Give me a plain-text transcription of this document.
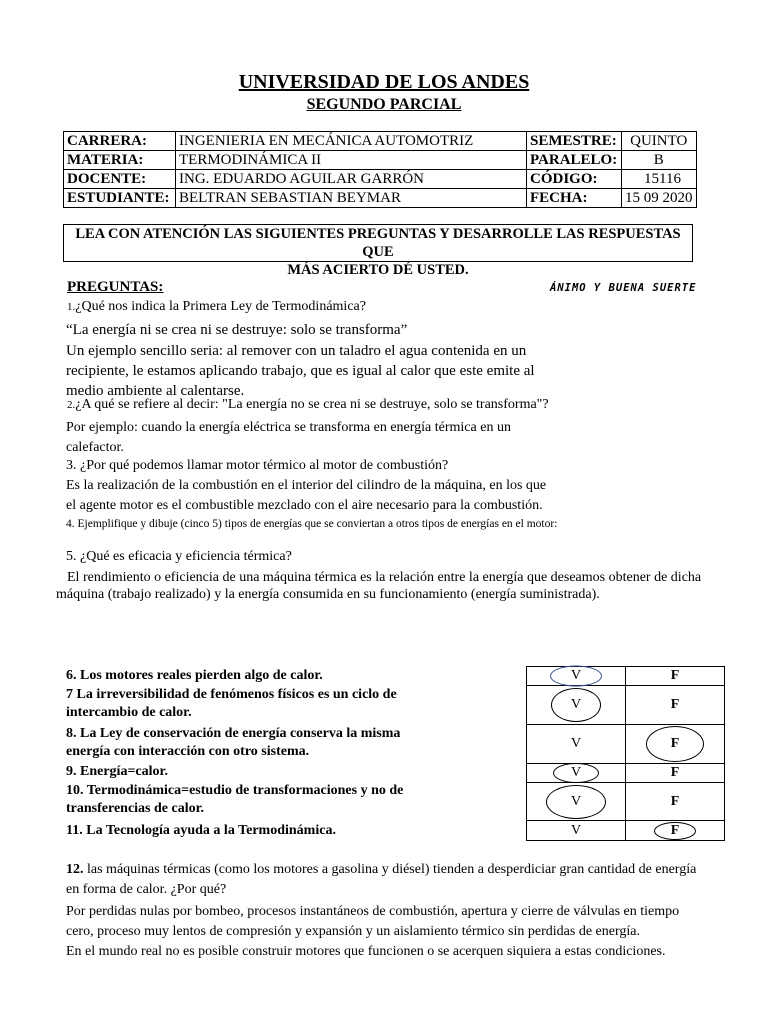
UNIVERSIDAD DE LOS ANDES
SEGUNDO PARCIAL
CARRERA:	INGENIERIA EN MECÁNICA AUTOMOTRIZ	SEMESTRE:	QUINTO
MATERIA:	TERMODINÁMICA II	PARALELO:	B
DOCENTE:	ING. EDUARDO AGUILAR GARRÓN	CÓDIGO:	15116
ESTUDIANTE:	BELTRAN SEBASTIAN BEYMAR	FECHA:	15 09 2020
LEA CON ATENCIÓN LAS SIGUIENTES PREGUNTAS Y DESARROLLE LAS RESPUESTAS QUE
MÁS ACIERTO DÉ USTED.
PREGUNTAS:	ÁNIMO Y BUENA SUERTE
1.¿Qué nos indica la Primera Ley de Termodinámica?
“La energía ni se crea ni se destruye: solo se transforma”
Un ejemplo sencillo seria: al remover con un taladro el agua contenida en un
recipiente, le estamos aplicando trabajo, que es igual al calor que este emite al
medio ambiente al calentarse.
2.¿A qué se refiere al decir: "La energía no se crea ni se destruye, solo se transforma"?
Por ejemplo: cuando la energía eléctrica se transforma en energía térmica en un
calefactor.
3. ¿Por qué podemos llamar motor térmico al motor de combustión?
Es la realización de la combustión en el interior del cilindro de la máquina, en los que
el agente motor es el combustible mezclado con el aire necesario para la combustión.
4. Ejemplifique y dibuje (cinco 5) tipos de energías que se conviertan a otros tipos de energías en el motor:
5. ¿Qué es eficacia y eficiencia térmica?
El rendimiento o eficiencia de una máquina térmica es la relación entre la energía que deseamos obtener de dicha
máquina (trabajo realizado) y la energía consumida en su funcionamiento (energía suministrada).
6. Los motores reales pierden algo de calor.
7 La irreversibilidad de fenómenos físicos es un ciclo de
intercambio de calor.
8. La Ley de conservación de energía conserva la misma
energía con interacción con otro sistema.
9. Energía=calor.
10. Termodinámica=estudio de transformaciones y no de
transferencias de calor.
11. La Tecnología ayuda a la Termodinámica.
V	F
V	F
V	F

V	F
V	F
V	F
12. las máquinas térmicas (como los motores a gasolina y diésel) tienden a desperdiciar gran cantidad de energía
en forma de calor. ¿Por qué?
Por perdidas nulas por bombeo, procesos instantáneos de combustión, apertura y cierre de válvulas en tiempo
cero, proceso muy lentos de compresión y expansión y un aislamiento térmico sin perdidas de energía.
En el mundo real no es posible construir motores que funcionen o se acerquen siquiera a estas condiciones.
